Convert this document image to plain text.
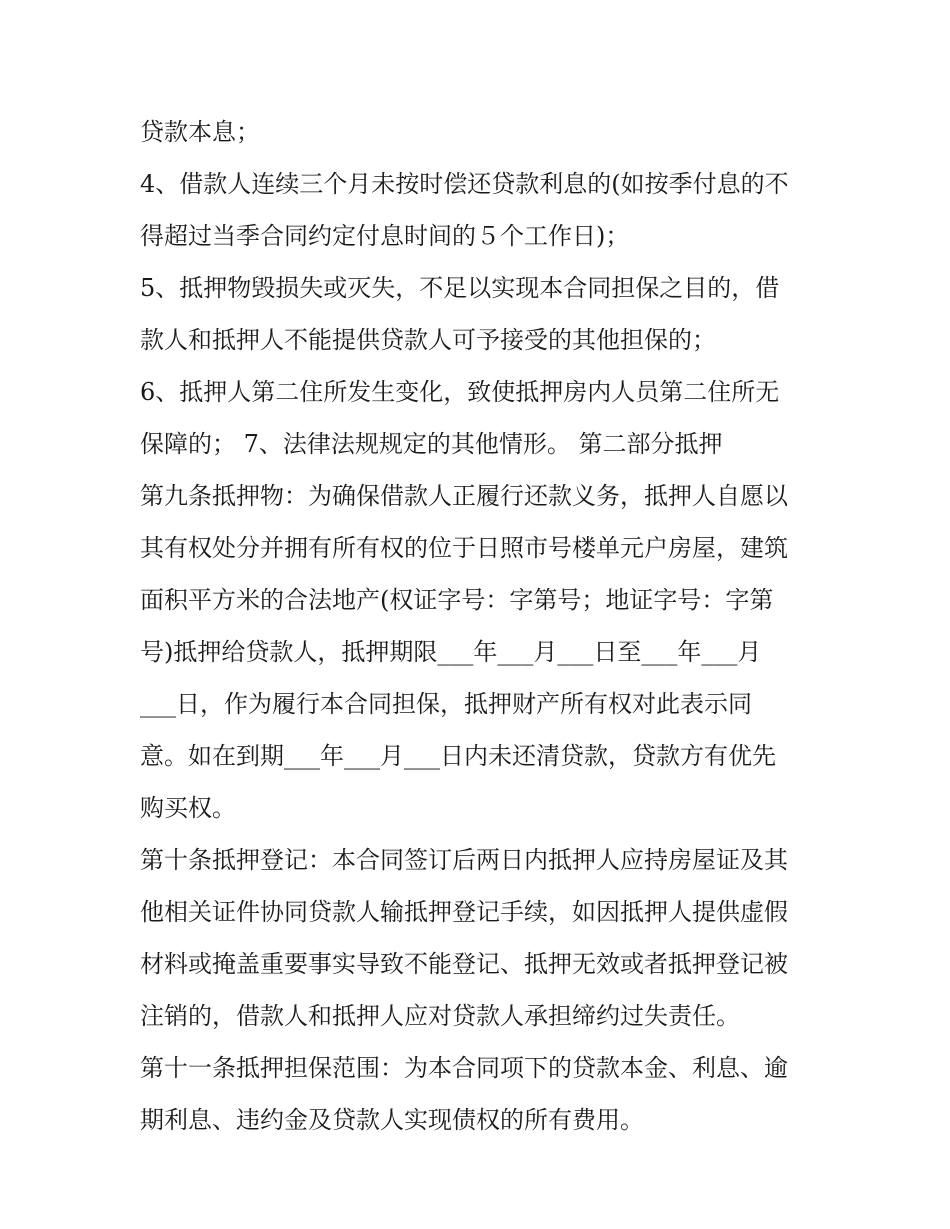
贷款本息；
4、借款人连续三个月未按时偿还贷款利息的(如按季付息的不
得超过当季合同约定付息时间的５个工作日)；
5、抵押物毁损失或灭失，不足以实现本合同担保之目的，借
款人和抵押人不能提供贷款人可予接受的其他担保的；
6、抵押人第二住所发生变化，致使抵押房内人员第二住所无
保障的； 7、法律法规规定的其他情形。 第二部分抵押
第九条抵押物：为确保借款人正履行还款义务，抵押人自愿以
其有权处分并拥有所有权的位于日照市号楼单元户房屋，建筑
面积平方米的合法地产(权证字号：字第号；地证字号：字第
号)抵押给贷款人，抵押期限___年___月___日至___年___月
___日，作为履行本合同担保，抵押财产所有权对此表示同
意。如在到期___年___月___日内未还清贷款，贷款方有优先
购买权。
第十条抵押登记：本合同签订后两日内抵押人应持房屋证及其
他相关证件协同贷款人输抵押登记手续，如因抵押人提供虚假
材料或掩盖重要事实导致不能登记、抵押无效或者抵押登记被
注销的，借款人和抵押人应对贷款人承担缔约过失责任。
第十一条抵押担保范围：为本合同项下的贷款本金、利息、逾
期利息、违约金及贷款人实现债权的所有费用。
